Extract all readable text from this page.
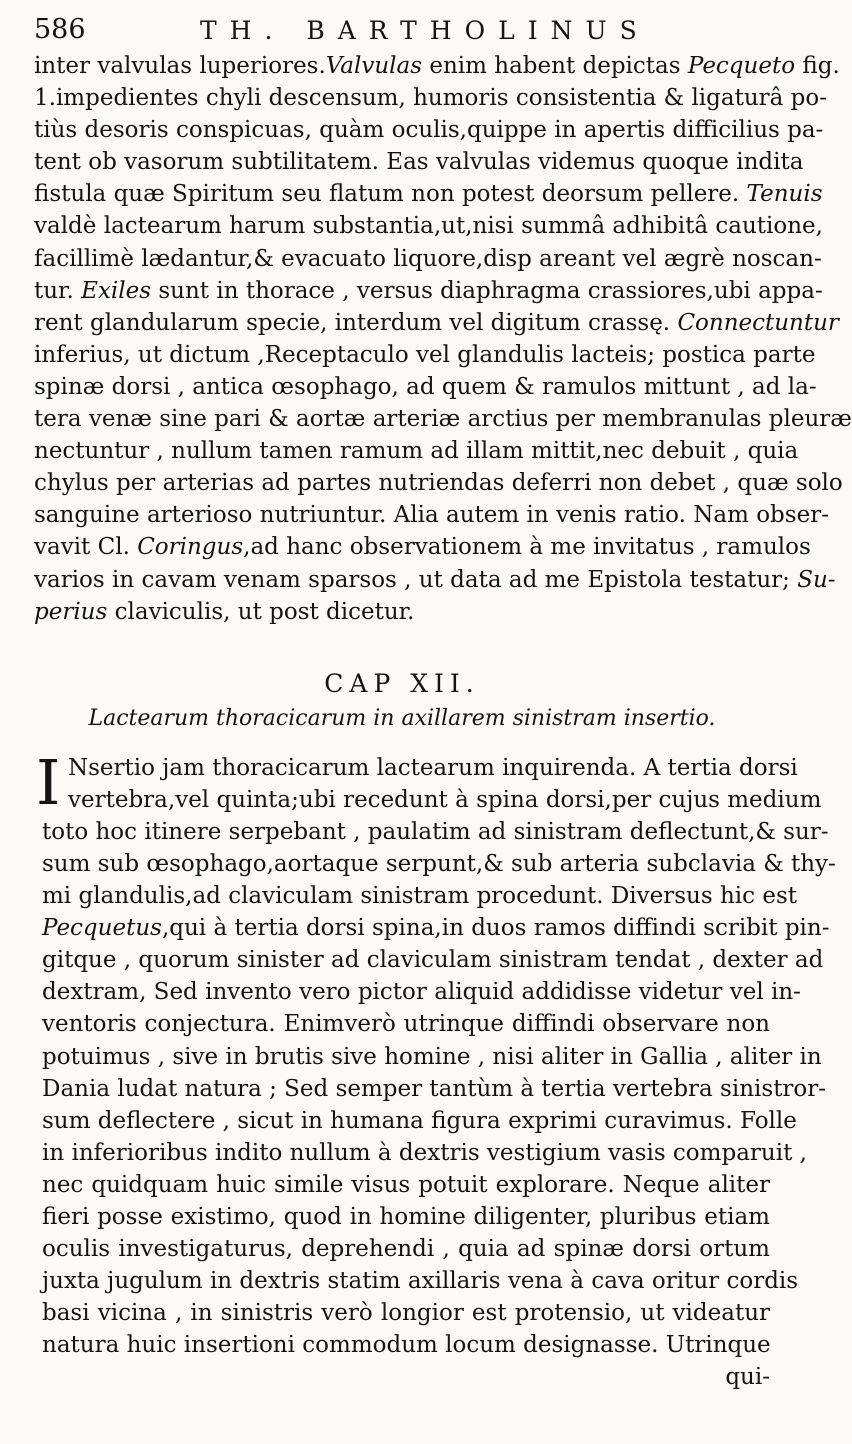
586	TH. BARTHOLINUS
inter valvulas luperiores.Valvulas enim habent depictas Pecqueto fig.
1.impedientes chyli descensum, humoris consistentia & ligaturâ po-
tiùs desoris conspicuas, quàm oculis,quippe in apertis difficilius pa-
tent ob vasorum subtilitatem. Eas valvulas videmus quoque indita
fistula quæ Spiritum seu flatum non potest deorsum pellere. Tenuis
valdè lactearum harum substantia,ut,nisi summâ adhibitâ cautione,
facillimè lædantur,& evacuato liquore,disp areant vel ægrè noscan-
tur. Exiles sunt in thorace , versus diaphragma crassiores,ubi appa-
rent glandularum specie, interdum vel digitum crassę. Connectuntur
inferius, ut dictum ,Receptaculo vel glandulis lacteis; postica parte
spinæ dorsi , antica œsophago, ad quem & ramulos mittunt , ad la-
tera venæ sine pari & aortæ arteriæ arctius per membranulas pleuræ
nectuntur , nullum tamen ramum ad illam mittit,nec debuit , quia
chylus per arterias ad partes nutriendas deferri non debet , quæ solo
sanguine arterioso nutriuntur. Alia autem in venis ratio. Nam obser-
vavit Cl. Coringus,ad hanc observationem à me invitatus , ramulos
varios in cavam venam sparsos , ut data ad me Epistola testatur; Su-
perius claviculis, ut post dicetur.
CAP XII.
Lactearum thoracicarum in axillarem sinistram insertio.
I Nsertio jam thoracicarum lactearum inquirenda. A tertia dorsi
vertebra,vel quinta;ubi recedunt à spina dorsi,per cujus medium
toto hoc itinere serpebant , paulatim ad sinistram deflectunt,& sur-
sum sub œsophago,aortaque serpunt,& sub arteria subclavia & thy-
mi glandulis,ad claviculam sinistram procedunt. Diversus hic est
Pecquetus,qui à tertia dorsi spina,in duos ramos diffindi scribit pin-
gitque , quorum sinister ad claviculam sinistram tendat , dexter ad
dextram, Sed invento vero pictor aliquid addidisse videtur vel in-
ventoris conjectura. Enimverò utrinque diffindi observare non
potuimus , sive in brutis sive homine , nisi aliter in Gallia , aliter in
Dania ludat natura ; Sed semper tantùm à tertia vertebra sinistror-
sum deflectere , sicut in humana figura exprimi curavimus. Folle
in inferioribus indito nullum à dextris vestigium vasis comparuit ,
nec quidquam huic simile visus potuit explorare. Neque aliter
fieri posse existimo, quod in homine diligenter, pluribus etiam
oculis investigaturus, deprehendi , quia ad spinæ dorsi ortum
juxta jugulum in dextris statim axillaris vena à cava oritur cordis
basi vicina , in sinistris verò longior est protensio, ut videatur
natura huic insertioni commodum locum designasse. Utrinque
qui-
